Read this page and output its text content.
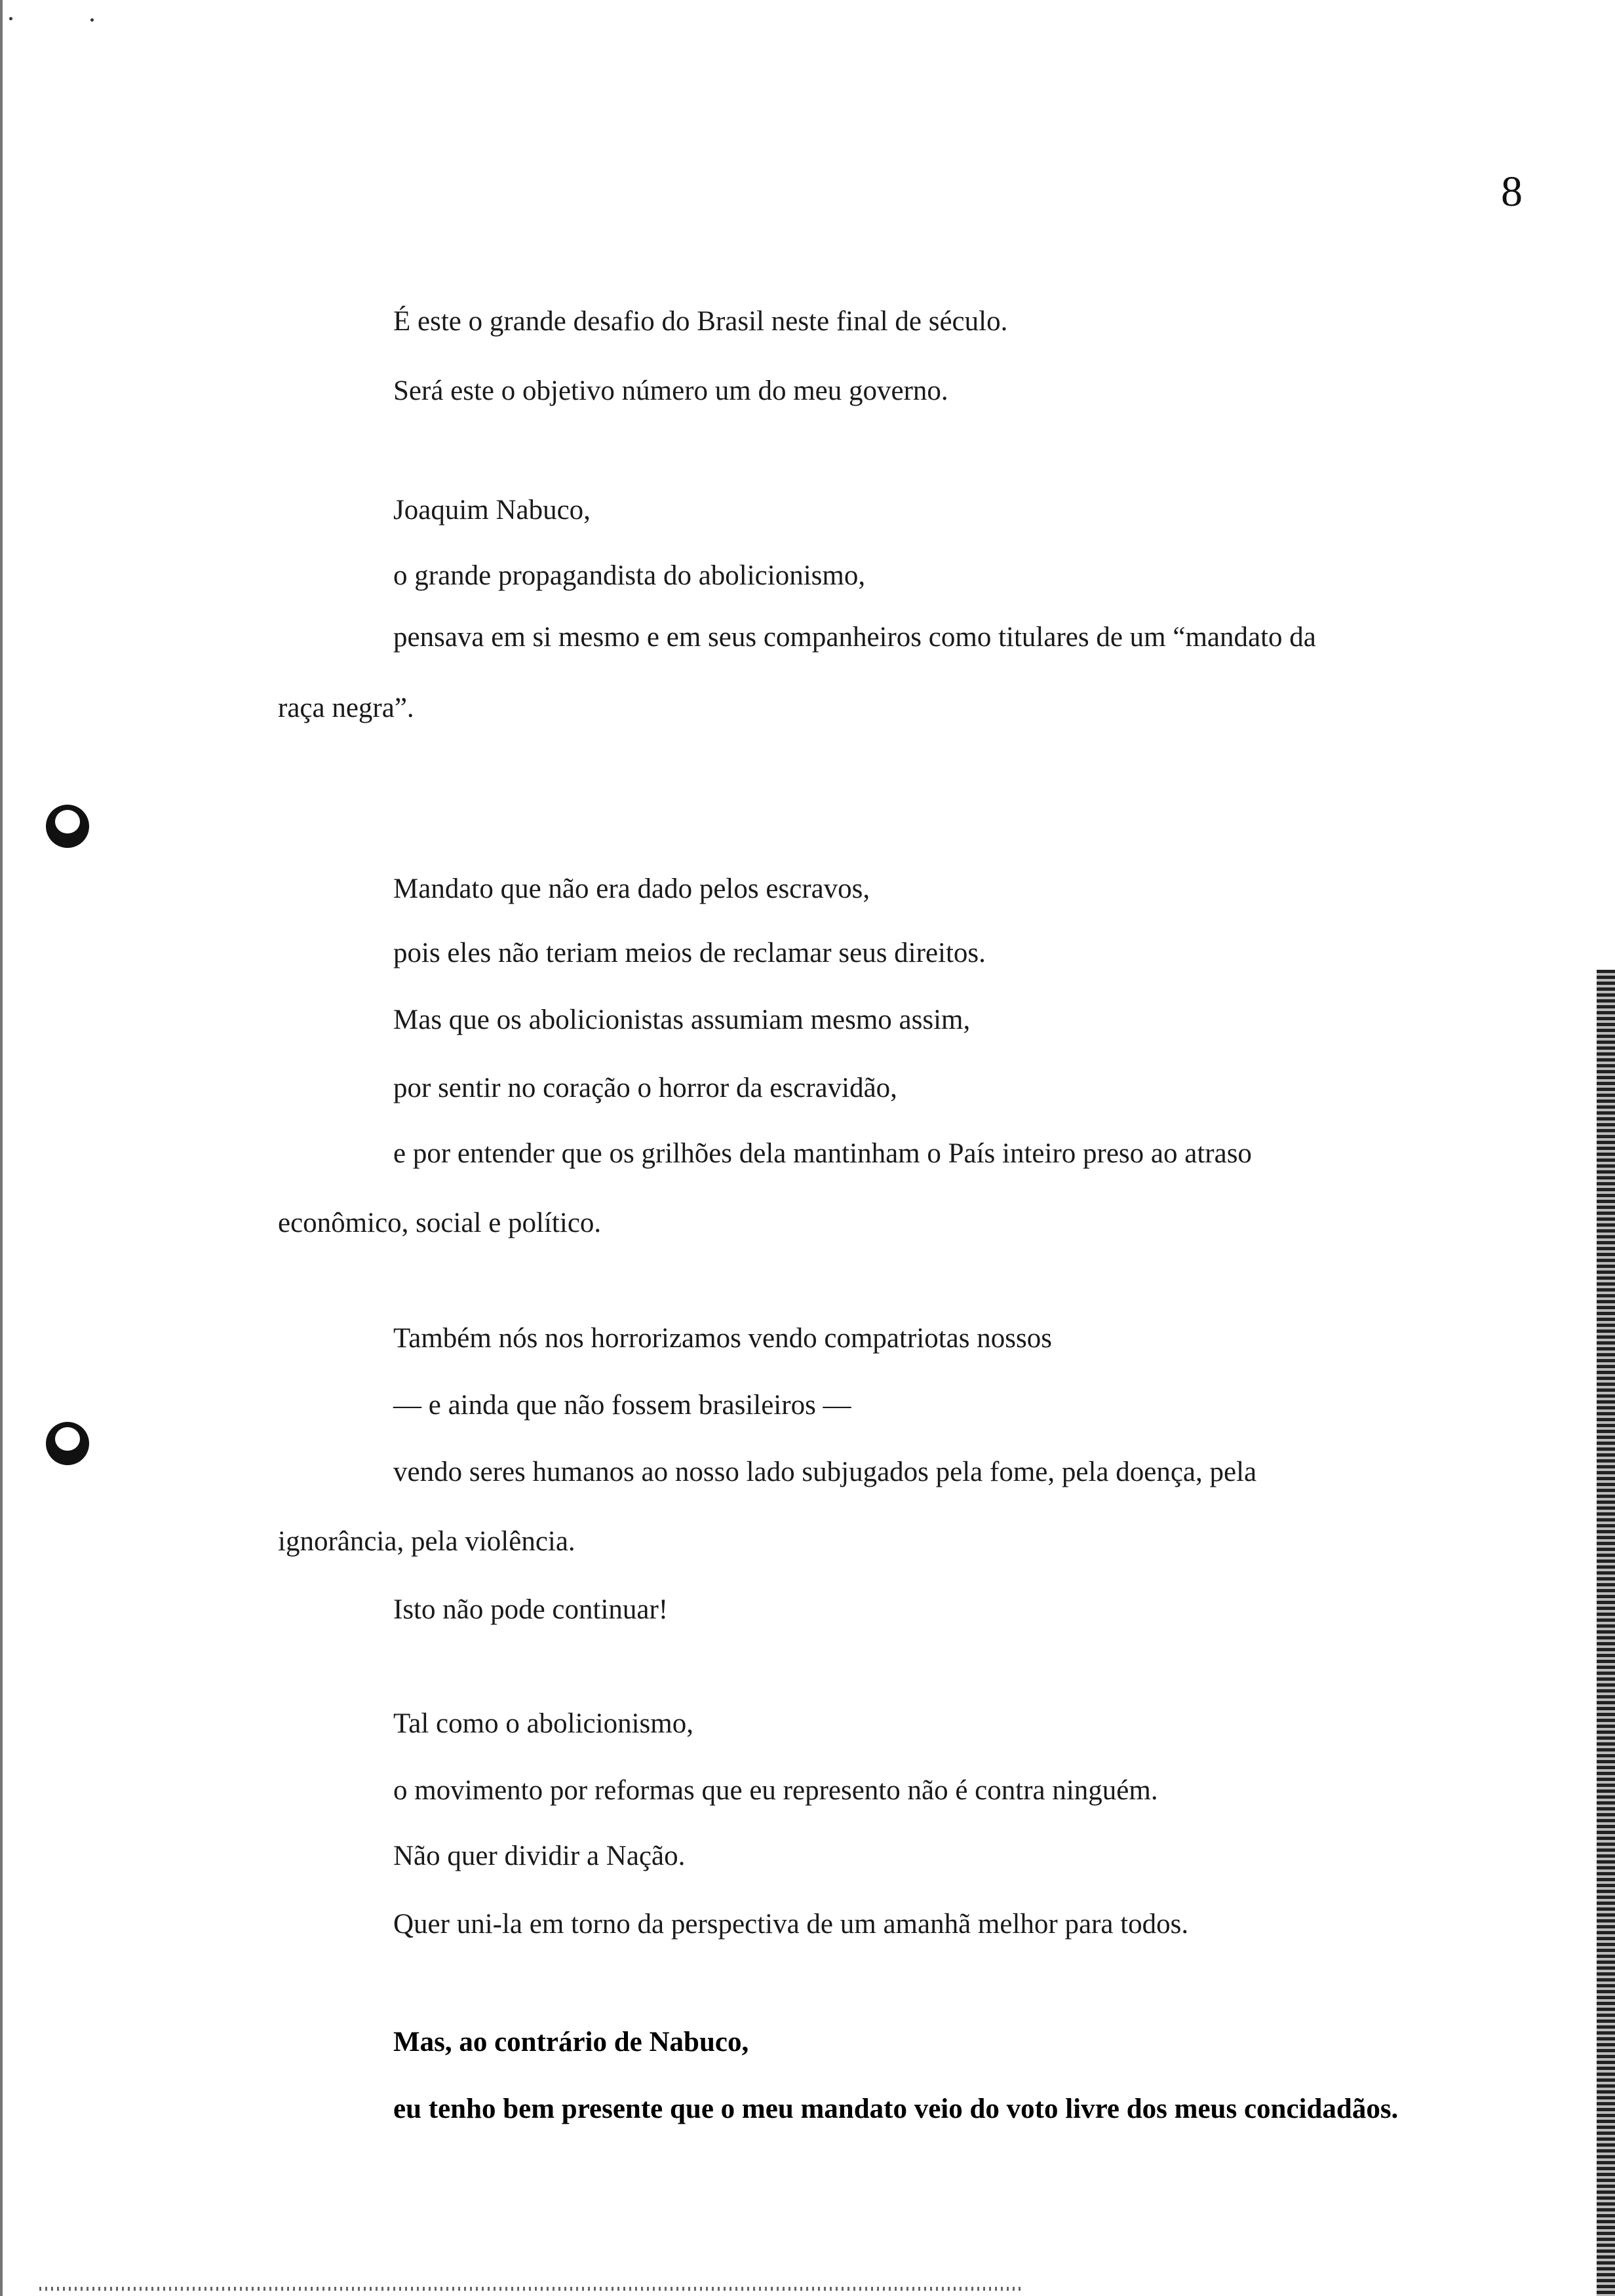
8
É este o grande desafio do Brasil neste final de século.
Será este o objetivo número um do meu governo.
Joaquim Nabuco,
o grande propagandista do abolicionismo,
pensava em si mesmo e em seus companheiros como titulares de um “mandato da
raça negra”.
Mandato que não era dado pelos escravos,
pois eles não teriam meios de reclamar seus direitos.
Mas que os abolicionistas assumiam mesmo assim,
por sentir no coração o horror da escravidão,
e por entender que os grilhões dela mantinham o País inteiro preso ao atraso
econômico, social e político.
Também nós nos horrorizamos vendo compatriotas nossos
— e ainda que não fossem brasileiros —
vendo seres humanos ao nosso lado subjugados pela fome, pela doença, pela
ignorância, pela violência.
Isto não pode continuar!
Tal como o abolicionismo,
o movimento por reformas que eu represento não é contra ninguém.
Não quer dividir a Nação.
Quer uni-la em torno da perspectiva de um amanhã melhor para todos.
Mas, ao contrário de Nabuco,
eu tenho bem presente que o meu mandato veio do voto livre dos meus concidadãos.
